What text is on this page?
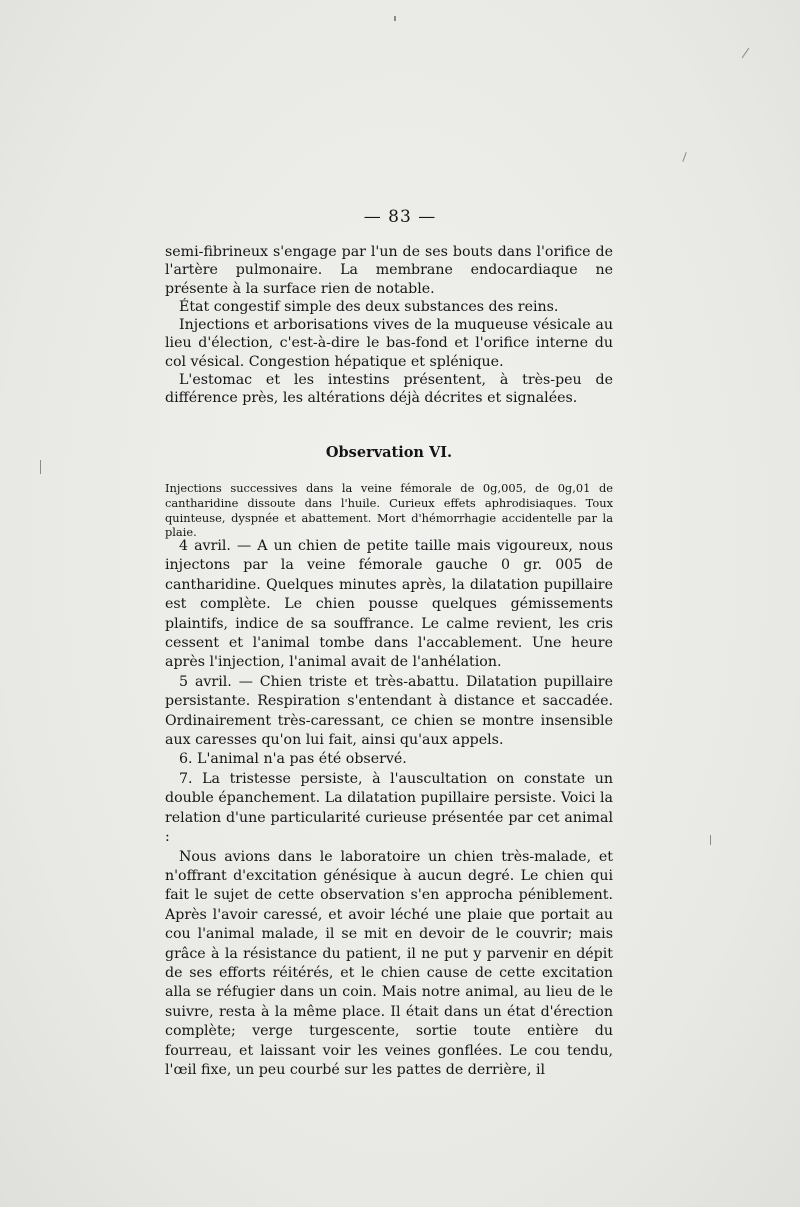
— 83 —

semi-fibrineux s'engage par l'un de ses bouts dans l'orifice de l'artère pulmonaire. La membrane endocardiaque ne présente à la surface rien de notable.

État congestif simple des deux substances des reins.

Injections et arborisations vives de la muqueuse vésicale au lieu d'élection, c'est-à-dire le bas-fond et l'orifice interne du col vésical. Congestion hépatique et splénique.

L'estomac et les intestins présentent, à très-peu de différence près, les altérations déjà décrites et signalées.

Observation VI.

Injections successives dans la veine fémorale de 0g,005, de 0g,01 de cantharidine dissoute dans l'huile. Curieux effets aphrodisiaques. Toux quinteuse, dyspnée et abattement. Mort d'hémorrhagie accidentelle par la plaie.

4 avril. — A un chien de petite taille mais vigoureux, nous injectons par la veine fémorale gauche 0 gr. 005 de cantharidine. Quelques minutes après, la dilatation pupillaire est complète. Le chien pousse quelques gémissements plaintifs, indice de sa souffrance. Le calme revient, les cris cessent et l'animal tombe dans l'accablement. Une heure après l'injection, l'animal avait de l'anhélation.

5 avril. — Chien triste et très-abattu. Dilatation pupillaire persistante. Respiration s'entendant à distance et saccadée. Ordinairement très-caressant, ce chien se montre insensible aux caresses qu'on lui fait, ainsi qu'aux appels.

6. L'animal n'a pas été observé.

7. La tristesse persiste, à l'auscultation on constate un double épanchement. La dilatation pupillaire persiste. Voici la relation d'une particularité curieuse présentée par cet animal :

Nous avions dans le laboratoire un chien très-malade, et n'offrant d'excitation génésique à aucun degré. Le chien qui fait le sujet de cette observation s'en approcha péniblement. Après l'avoir caressé, et avoir léché une plaie que portait au cou l'animal malade, il se mit en devoir de le couvrir; mais grâce à la résistance du patient, il ne put y parvenir en dépit de ses efforts réitérés, et le chien cause de cette excitation alla se réfugier dans un coin. Mais notre animal, au lieu de le suivre, resta à la même place. Il était dans un état d'érection complète; verge turgescente, sortie toute entière du fourreau, et laissant voir les veines gonflées. Le cou tendu, l'œil fixe, un peu courbé sur les pattes de derrière, il
